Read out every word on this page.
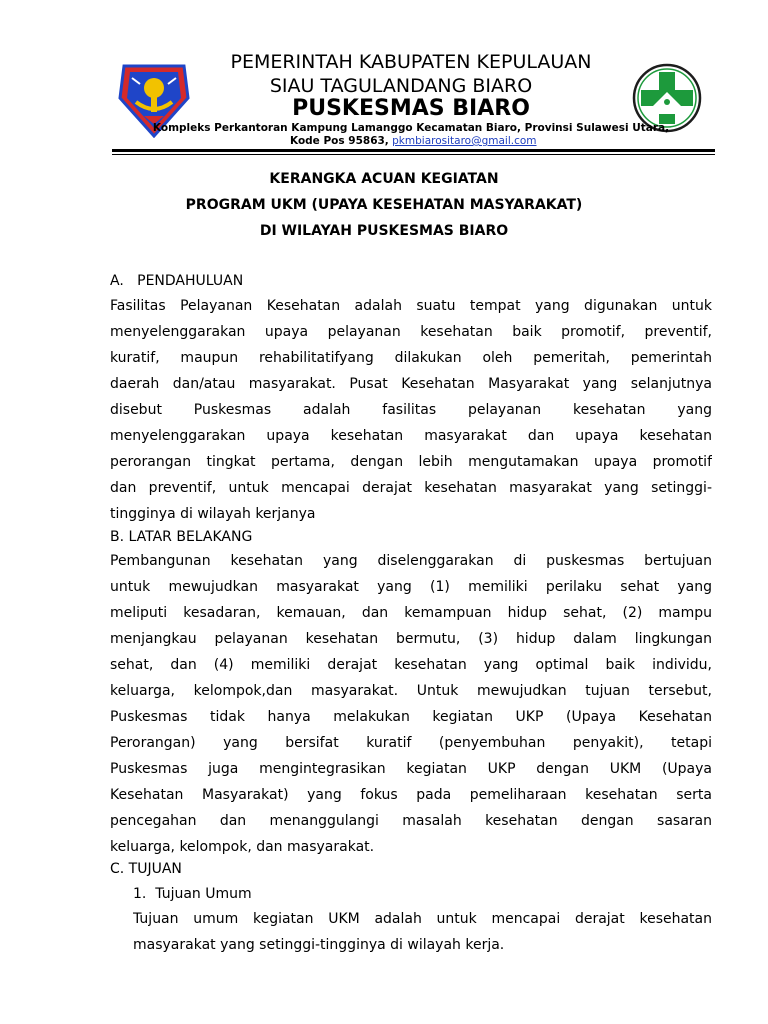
PEMERINTAH KABUPATEN KEPULAUAN
SIAU TAGULANDANG BIARO
PUSKESMAS BIARO
Kompleks Perkantoran Kampung Lamanggo Kecamatan Biaro, Provinsi Sulawesi Utara,
Kode Pos 95863, pkmbiarositaro@gmail.com
KERANGKA ACUAN KEGIATAN
PROGRAM UKM (UPAYA KESEHATAN MASYARAKAT)
DI WILAYAH PUSKESMAS BIARO
A. PENDAHULUAN
Fasilitas Pelayanan Kesehatan adalah suatu tempat yang digunakan untuk
menyelenggarakan upaya pelayanan kesehatan baik promotif, preventif,
kuratif, maupun rehabilitatifyang dilakukan oleh pemeritah, pemerintah
daerah dan/atau masyarakat. Pusat Kesehatan Masyarakat yang selanjutnya
disebut Puskesmas adalah fasilitas pelayanan kesehatan yang
menyelenggarakan upaya kesehatan masyarakat dan upaya kesehatan
perorangan tingkat pertama, dengan lebih mengutamakan upaya promotif
dan preventif, untuk mencapai derajat kesehatan masyarakat yang setinggi-
tingginya di wilayah kerjanya
B. LATAR BELAKANG
Pembangunan kesehatan yang diselenggarakan di puskesmas bertujuan
untuk mewujudkan masyarakat yang (1) memiliki perilaku sehat yang
meliputi kesadaran, kemauan, dan kemampuan hidup sehat, (2) mampu
menjangkau pelayanan kesehatan bermutu, (3) hidup dalam lingkungan
sehat, dan (4) memiliki derajat kesehatan yang optimal baik individu,
keluarga, kelompok,dan masyarakat. Untuk mewujudkan tujuan tersebut,
Puskesmas tidak hanya melakukan kegiatan UKP (Upaya Kesehatan
Perorangan) yang bersifat kuratif (penyembuhan penyakit), tetapi
Puskesmas juga mengintegrasikan kegiatan UKP dengan UKM (Upaya
Kesehatan Masyarakat) yang fokus pada pemeliharaan kesehatan serta
pencegahan dan menanggulangi masalah kesehatan dengan sasaran
keluarga, kelompok, dan masyarakat.
C. TUJUAN
1. Tujuan Umum
Tujuan umum kegiatan UKM adalah untuk mencapai derajat kesehatan
masyarakat yang setinggi-tingginya di wilayah kerja.
